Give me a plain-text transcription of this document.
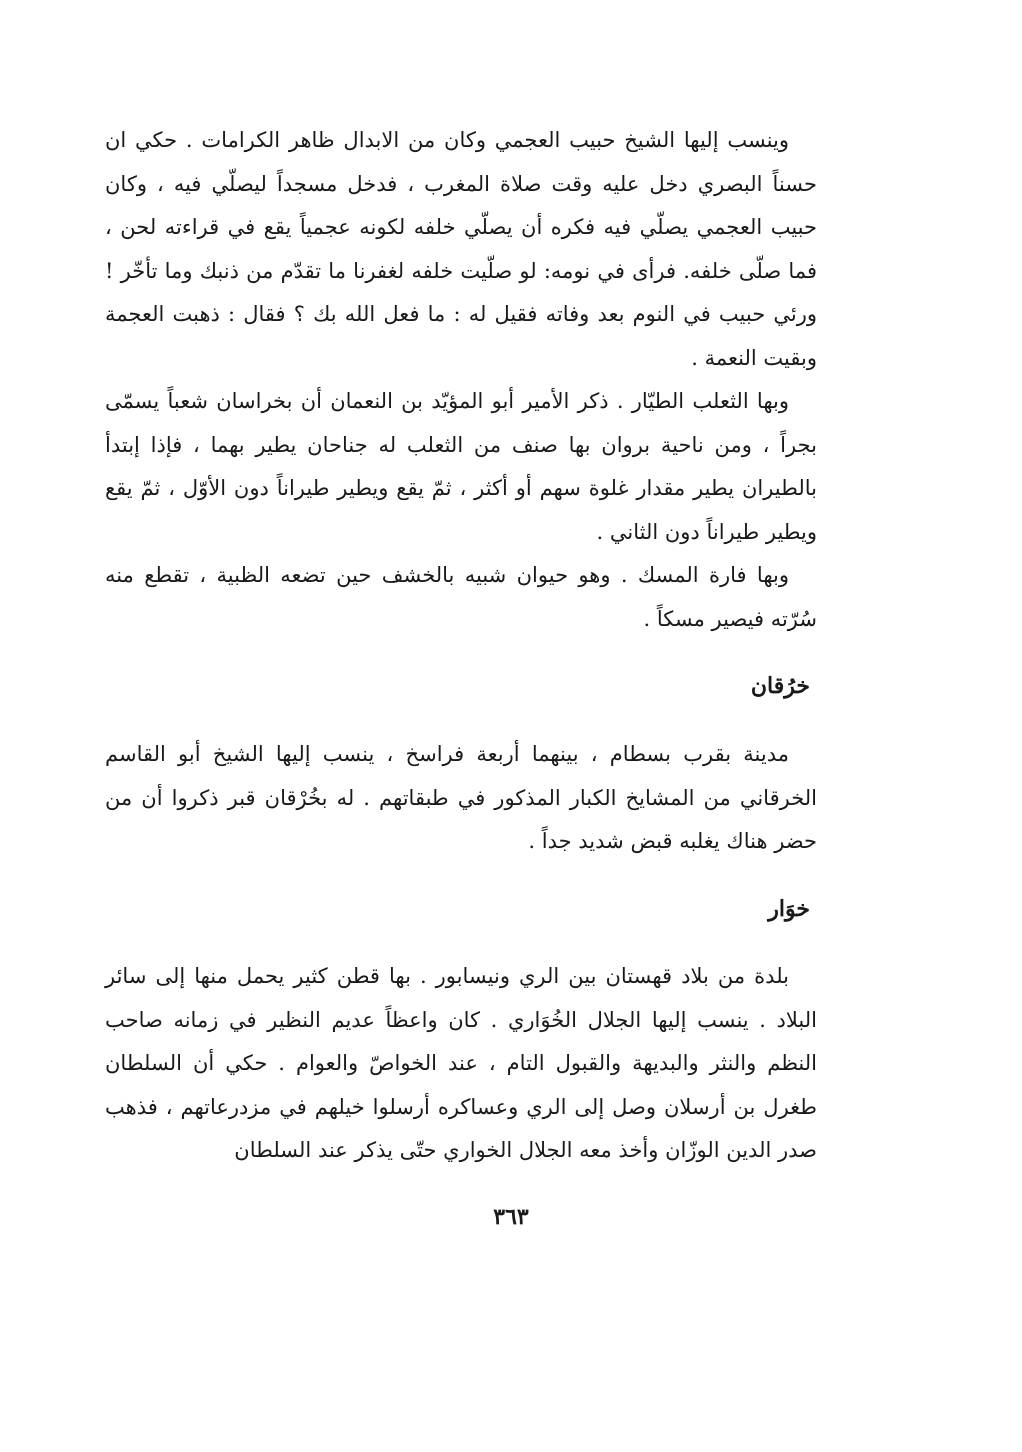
وينسب إليها الشيخ حبيب العجمي وكان من الابدال ظاهر الكرامات . حكي ان حسناً البصري دخل عليه وقت صلاة المغرب ، فدخل مسجداً ليصلّي فيه ، وكان حبيب العجمي يصلّي فيه فكره أن يصلّي خلفه لكونه عجمياً يقع في قراءته لحن ، فما صلّى خلفه. فرأى في نومه: لو صلّيت خلفه لغفرنا ما تقدّم من ذنبك وما تأخّر ! ورئي حبيب في النوم بعد وفاته فقيل له : ما فعل الله بك ؟ فقال : ذهبت العجمة وبقيت النعمة .

وبها الثعلب الطيّار . ذكر الأمير أبو المؤيّد بن النعمان أن بخراسان شعباً يسمّى بجراً ، ومن ناحية بروان بها صنف من الثعلب له جناحان يطير بهما ، فإذا إبتدأ بالطيران يطير مقدار غلوة سهم أو أكثر ، ثمّ يقع ويطير طيراناً دون الأوّل ، ثمّ يقع ويطير طيراناً دون الثاني .

وبها فارة المسك . وهو حيوان شبيه بالخشف حين تضعه الظبية ، تقطع منه سُرّته فيصير مسكاً .

خرُقان

مدينة بقرب بسطام ، بينهما أربعة فراسخ ، ينسب إليها الشيخ أبو القاسم الخرقاني من المشايخ الكبار المذكور في طبقاتهم . له بخُرْقان قبر ذكروا أن من حضر هناك يغلبه قبض شديد جداً .

خوَار

بلدة من بلاد قهستان بين الري ونيسابور . بها قطن كثير يحمل منها إلى سائر البلاد . ينسب إليها الجلال الخُوَاري . كان واعظاً عديم النظير في زمانه صاحب النظم والنثر والبديهة والقبول التام ، عند الخواصّ والعوام . حكي أن السلطان طغرل بن أرسلان وصل إلى الري وعساكره أرسلوا خيلهم في مزدرعاتهم ، فذهب صدر الدين الوزّان وأخذ معه الجلال الخواري حتّى يذكر عند السلطان

٣٦٣
